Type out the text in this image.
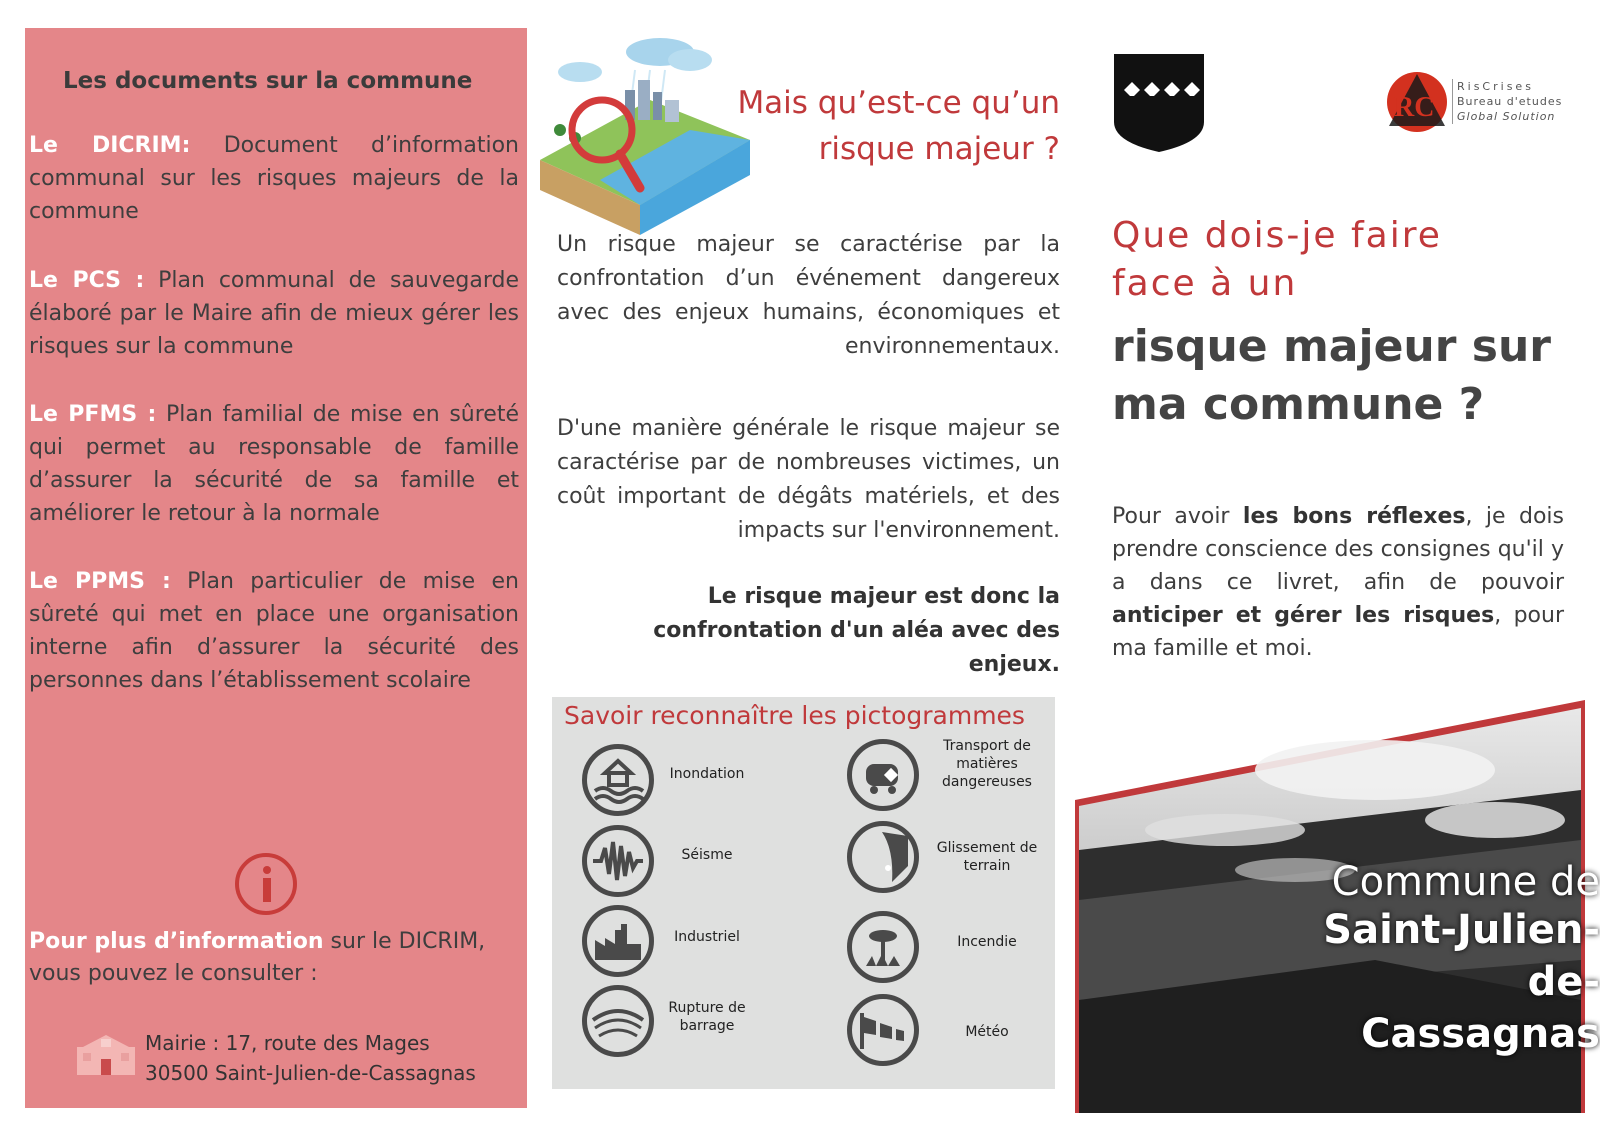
Les documents sur la commune
Le DICRIM: Document d’information communal sur les risques majeurs de la commune
Le PCS : Plan communal de sauvegarde élaboré par le Maire afin de mieux gérer les risques sur la commune
Le PFMS : Plan familial de mise en sûreté qui permet au responsable de famille d’assurer la sécurité de sa famille et améliorer le retour à la normale
Le PPMS : Plan particulier de mise en sûreté qui met en place une organisation interne afin d’assurer la sécurité des personnes dans l’établissement scolaire
Pour plus d’information sur le DICRIM, vous pouvez le consulter :
Mairie : 17, route des Mages
30500 Saint-Julien-de-Cassagnas
Mais qu’est-ce qu’un
risque majeur ?
Un risque majeur se caractérise par la confrontation d’un événement dangereux avec des enjeux humains, économiques et environnementaux.
D'une manière générale le risque majeur se caractérise par de nombreuses victimes, un coût important de dégâts matériels, et des impacts sur l'environnement.
Le risque majeur est donc la confrontation d'un aléa avec des enjeux.
Savoir reconnaître les pictogrammes
Inondation
Séisme
Industriel
Rupture de barrage
Transport de matières dangereuses
Glissement de terrain
Incendie
Météo
RC
RisCrises
Bureau d'etudes
Global Solution
Que dois-je faire
face à un
risque majeur sur ma commune ?
Pour avoir les bons réflexes, je dois prendre conscience des consignes qu'il y a dans ce livret, afin de pouvoir anticiper et gérer les risques, pour ma famille et moi.
Commune de
Saint-Julien-de-
Cassagnas
